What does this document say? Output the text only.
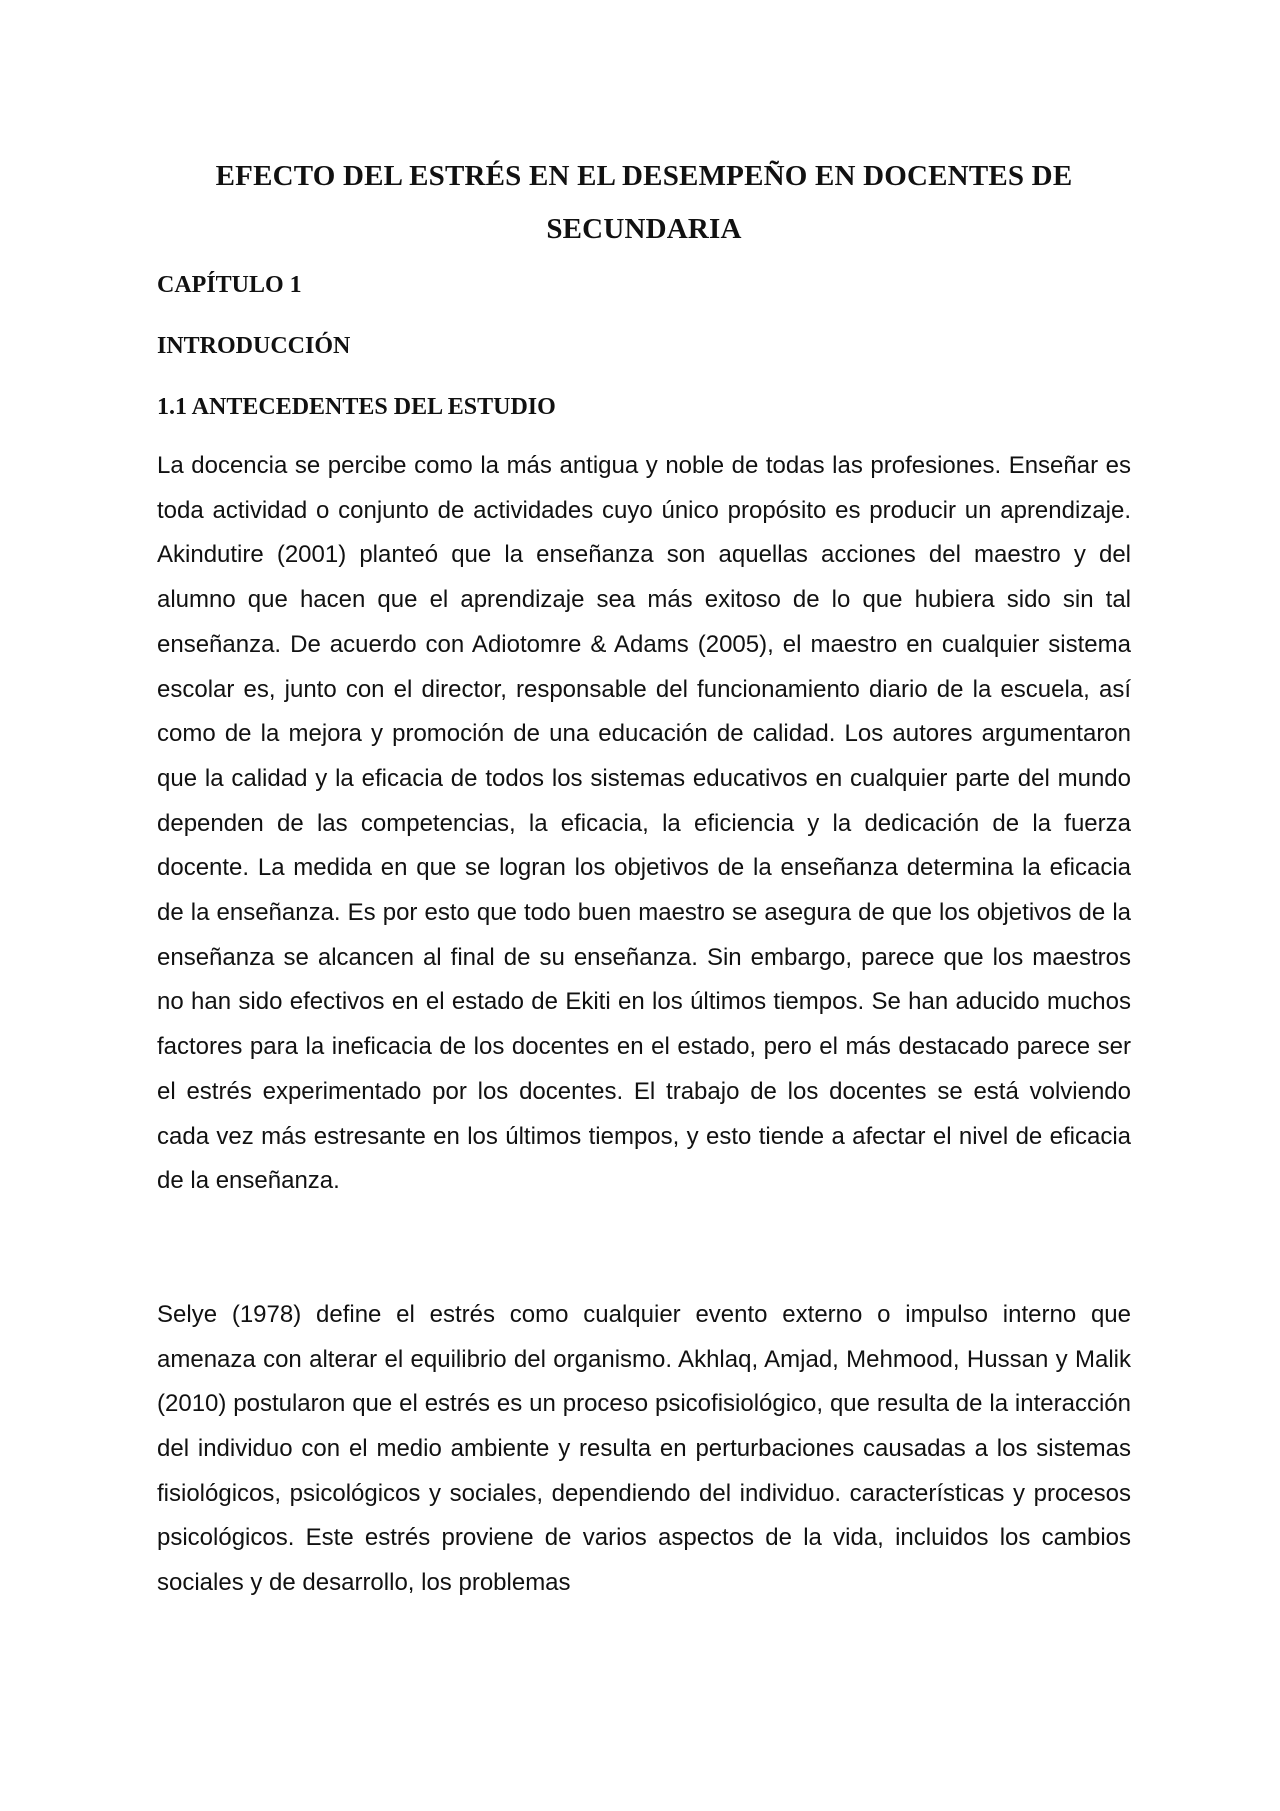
EFECTO DEL ESTRÉS EN EL DESEMPEÑO EN DOCENTES DE
SECUNDARIA
CAPÍTULO 1
INTRODUCCIÓN
1.1 ANTECEDENTES DEL ESTUDIO

La docencia se percibe como la más antigua y noble de todas las profesiones. Enseñar es toda actividad o conjunto de actividades cuyo único propósito es producir un aprendizaje. Akindutire (2001) planteó que la enseñanza son aquellas acciones del maestro y del alumno que hacen que el aprendizaje sea más exitoso de lo que hubiera sido sin tal enseñanza. De acuerdo con Adiotomre & Adams (2005), el maestro en cualquier sistema escolar es, junto con el director, responsable del funcionamiento diario de la escuela, así como de la mejora y promoción de una educación de calidad. Los autores argumentaron que la calidad y la eficacia de todos los sistemas educativos en cualquier parte del mundo dependen de las competencias, la eficacia, la eficiencia y la dedicación de la fuerza docente. La medida en que se logran los objetivos de la enseñanza determina la eficacia de la enseñanza. Es por esto que todo buen maestro se asegura de que los objetivos de la enseñanza se alcancen al final de su enseñanza. Sin embargo, parece que los maestros no han sido efectivos en el estado de Ekiti en los últimos tiempos. Se han aducido muchos factores para la ineficacia de los docentes en el estado, pero el más destacado parece ser el estrés experimentado por los docentes. El trabajo de los docentes se está volviendo cada vez más estresante en los últimos tiempos, y esto tiende a afectar el nivel de eficacia de la enseñanza.

Selye (1978) define el estrés como cualquier evento externo o impulso interno que amenaza con alterar el equilibrio del organismo. Akhlaq, Amjad, Mehmood, Hussan y Malik (2010) postularon que el estrés es un proceso psicofisiológico, que resulta de la interacción del individuo con el medio ambiente y resulta en perturbaciones causadas a los sistemas fisiológicos, psicológicos y sociales, dependiendo del individuo. características y procesos psicológicos. Este estrés proviene de varios aspectos de la vida, incluidos los cambios sociales y de desarrollo, los problemas
